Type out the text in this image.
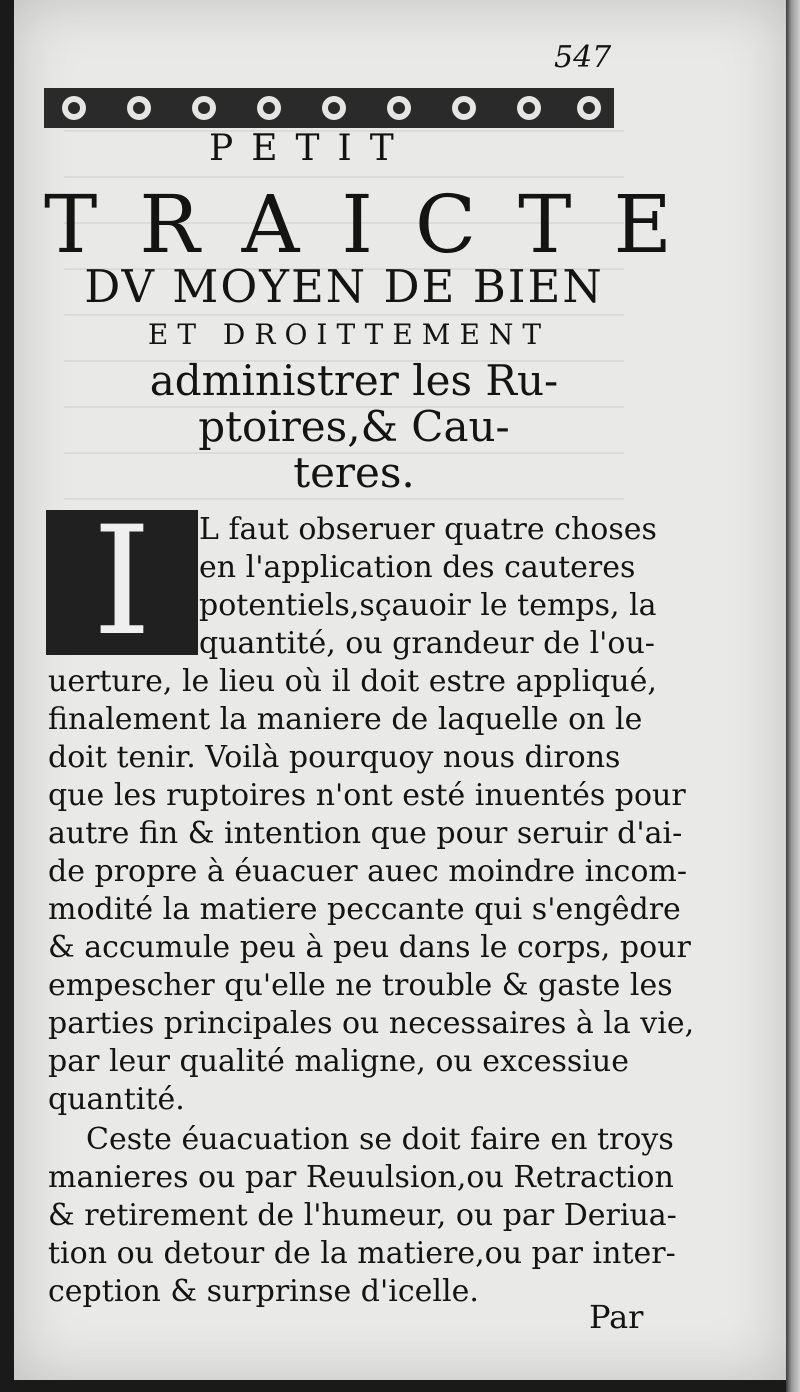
547
PETIT
TRAICTE
DV MOYEN DE BIEN
ET DROITTEMENT
administrer les Ru-
ptoires,& Cau-
teres.
I	L faut obseruer quatre choses
en l'application des cauteres
potentiels,sçauoir le temps, la
quantité, ou grandeur de l'ou-
uerture, le lieu où il doit estre appliqué,
finalement la maniere de laquelle on le
doit tenir. Voilà pourquoy nous dirons
que les ruptoires n'ont esté inuentés pour
autre fin & intention que pour seruir d'ai-
de propre à éuacuer auec moindre incom-
modité la matiere peccante qui s'engêdre
& accumule peu à peu dans le corps, pour
empescher qu'elle ne trouble & gaste les
parties principales ou necessaires à la vie,
par leur qualité maligne, ou excessiue
quantité.
Ceste éuacuation se doit faire en troys
manieres ou par Reuulsion,ou Retraction
& retirement de l'humeur, ou par Deriua-
tion ou detour de la matiere,ou par inter-
ception & surprinse d'icelle.
Par
